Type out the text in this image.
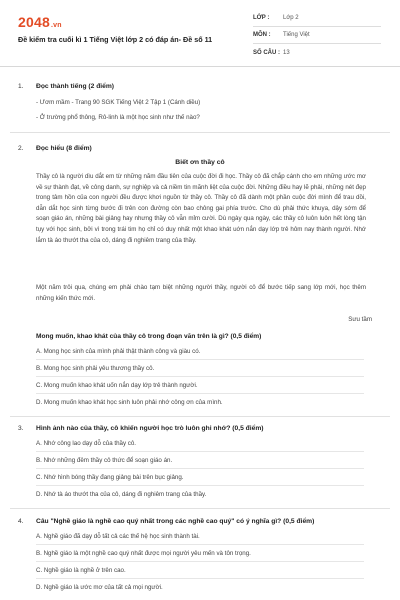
2048.vn
Đề kiểm tra cuối kì 1 Tiếng Việt lớp 2 có đáp án- Đề số 11
LỚP :	Lớp 2
MÔN :	Tiếng Việt
SỐ CÂU : 13
1. Đọc thành tiếng (2 điểm)
- Ươm mầm - Trang 90 SGK Tiếng Việt 2 Tập 1 (Cánh diều)
- Ở trường phổ thông, Rô-linh là một học sinh như thế nào?
2. Đọc hiểu (8 điểm)
Biết ơn thầy cô
Thầy cô là người dìu dắt em từ những năm đầu tiên của cuộc đời đi học. Thầy cô đã chắp cánh cho em những ước mơ về sự thành đạt, về công danh, sự nghiệp và cả niềm tin mãnh liệt của cuộc đời. Những điều hay lẽ phải, những nét đẹp trong tâm hồn của con người đều được khơi nguồn từ thầy cô. Thầy cô đã dành một phần cuộc đời mình để trau dồi, dẫn dắt học sinh từng bước đi trên con đường còn bao chông gai phía trước. Cho dù phải thức khuya, dậy sớm để soạn giáo án, những bài giảng hay nhưng thầy cô vẫn mỉm cười. Dù ngày qua ngày, các thầy cô luôn luôn hết lòng tận tụy với học sinh, bởi vì trong trái tim họ chỉ có duy nhất một khao khát uớn nắn dạy lớp trẻ hôm nay thành người. Nhớ lắm tà áo thướt tha của cô, dáng đi nghiêm trang của thầy.
Một năm trôi qua, chúng em phải chào tạm biệt những người thầy, người cô để bước tiếp sang lớp mới, học thêm những kiến thức mới.
Sưu tầm
Mong muốn, khao khát của thầy cô trong đoạn văn trên là gì? (0,5 điểm)
A. Mong học sinh của mình phải thật thành công và giàu có.
B. Mong học sinh phải yêu thương thầy cô.
C. Mong muốn khao khát uốn nắn dạy lớp trẻ thành người.
D. Mong muốn khao khát học sinh luôn phải nhớ công ơn của mình.
3. Hình ảnh nào của thầy, cô khiến người học trò luôn ghi nhớ? (0,5 điểm)
A. Nhớ công lao dạy dỗ của thầy cô.
B. Nhớ những đêm thầy cô thức để soạn giáo án.
C. Nhớ hình bóng thầy đang giảng bài trên bục giảng.
D. Nhớ tà áo thướt tha của cô, dáng đi nghiêm trang của thầy.
4. Câu "Nghề giáo là nghề cao quý nhất trong các nghề cao quý" có ý nghĩa gì? (0,5 điểm)
A. Nghề giáo đã dạy dỗ tất cả các thế hệ học sinh thành tài.
B. Nghề giáo là một nghề cao quý nhất được mọi người yêu mến và tôn trọng.
C. Nghề giáo là nghề ở trên cao.
D. Nghề giáo là ước mơ của tất cả mọi người.
